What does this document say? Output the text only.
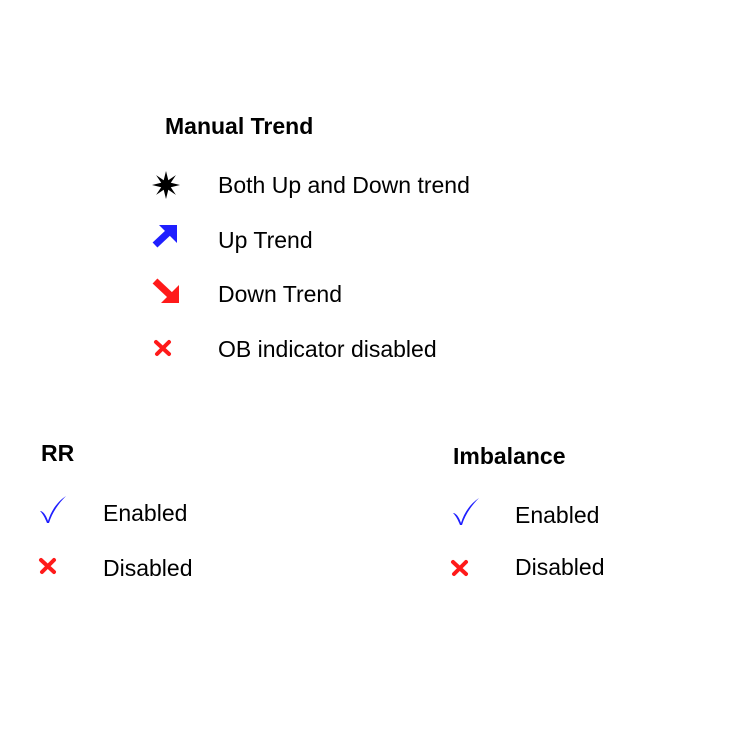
Manual Trend
Both Up and Down trend
Up Trend
Down Trend
OB indicator disabled
RR
Enabled
Disabled
Imbalance
Enabled
Disabled
